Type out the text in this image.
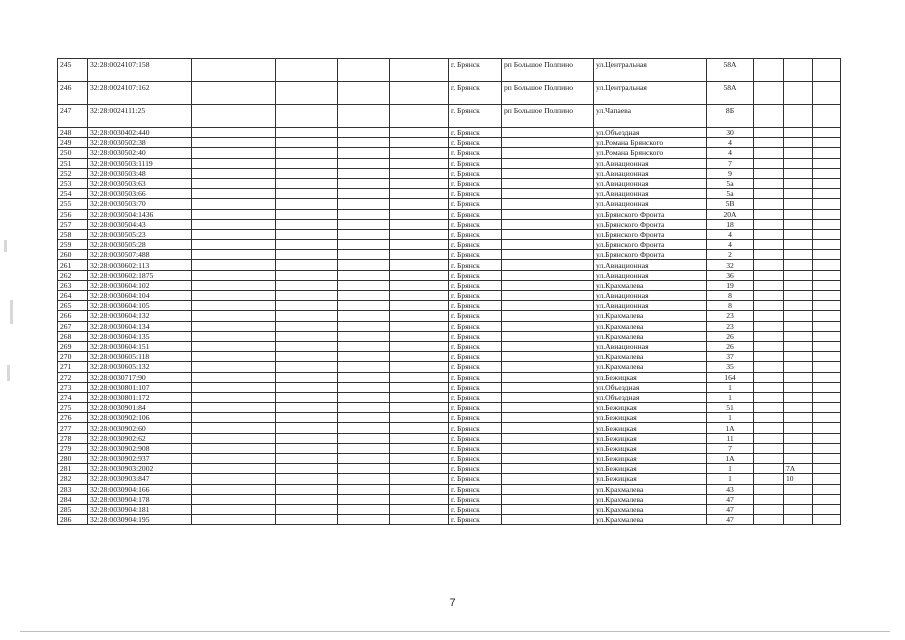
245	32:28:0024107:158					г. Брянск	рп Большое Полпино	ул.Центральная	58А			
246	32:28:0024107:162					г. Брянск	рп Большое Полпино	ул.Центральная	58А			
247	32:28:0024111:25					г. Брянск	рп Большое Полпино	ул.Чапаева	8Б			
248	32:28:0030402:440					г. Брянск		ул.Объездная	30			
249	32:28:0030502:38					г. Брянск		ул.Романа Брянского	4			
250	32:28:0030502:40					г. Брянск		ул.Романа Брянского	4			
251	32:28:0030503:1119					г. Брянск		ул.Авиационная	7			
252	32:28:0030503:48					г. Брянск		ул.Авиационная	9			
253	32:28:0030503:63					г. Брянск		ул.Авиационная	5а			
254	32:28:0030503:66					г. Брянск		ул.Авиационная	5а			
255	32:28:0030503:70					г. Брянск		ул.Авиационная	5В			
256	32:28:0030504:1436					г. Брянск		ул.Брянского Фронта	20А			
257	32:28:0030504:43					г. Брянск		ул.Брянского Фронта	18			
258	32:28:0030505:23					г. Брянск		ул.Брянского Фронта	4			
259	32:28:0030505:28					г. Брянск		ул.Брянского Фронта	4			
260	32:28:0030507:488					г. Брянск		ул.Брянского Фронта	2			
261	32:28:0030602:113					г. Брянск		ул.Авиационная	32			
262	32:28:0030602:1875					г. Брянск		ул.Авиационная	36			
263	32:28:0030604:102					г. Брянск		ул.Крахмалева	19			
264	32:28:0030604:104					г. Брянск		ул.Авиационная	8			
265	32:28:0030604:105					г. Брянск		ул.Авиационная	8			
266	32:28:0030604:132					г. Брянск		ул.Крахмалева	23			
267	32:28:0030604:134					г. Брянск		ул.Крахмалева	23			
268	32:28:0030604:135					г. Брянск		ул.Крахмалева	26			
269	32:28:0030604:151					г. Брянск		ул.Авиационная	26			
270	32:28:0030605:118					г. Брянск		ул.Крахмалева	37			
271	32:28:0030605:132					г. Брянск		ул.Крахмалева	35			
272	32:28:0030717:90					г. Брянск		ул.Бежицкая	164			
273	32:28:0030801:107					г. Брянск		ул.Объездная	1			
274	32:28:0030801:172					г. Брянск		ул.Объездная	1			
275	32:28:0030901:84					г. Брянск		ул.Бежицкая	51			
276	32:28:0030902:106					г. Брянск		ул.Бежицкая	1			
277	32:28:0030902:60					г. Брянск		ул.Бежицкая	1А			
278	32:28:0030902:62					г. Брянск		ул.Бежицкая	11			
279	32:28:0030902:908					г. Брянск		ул.Бежицкая	7			
280	32:28:0030902:937					г. Брянск		ул.Бежицкая	1А			
281	32:28:0030903:2002					г. Брянск		ул.Бежицкая	1		7А	
282	32:28:0030903:847					г. Брянск		ул.Бежицкая	1		10	
283	32:28:0030904:166					г. Брянск		ул.Крахмалева	43			
284	32:28:0030904:178					г. Брянск		ул.Крахмалева	47			
285	32:28:0030904:181					г. Брянск		ул.Крахмалева	47			
286	32:28:0030904:195					г. Брянск		ул.Крахмалева	47			
7
